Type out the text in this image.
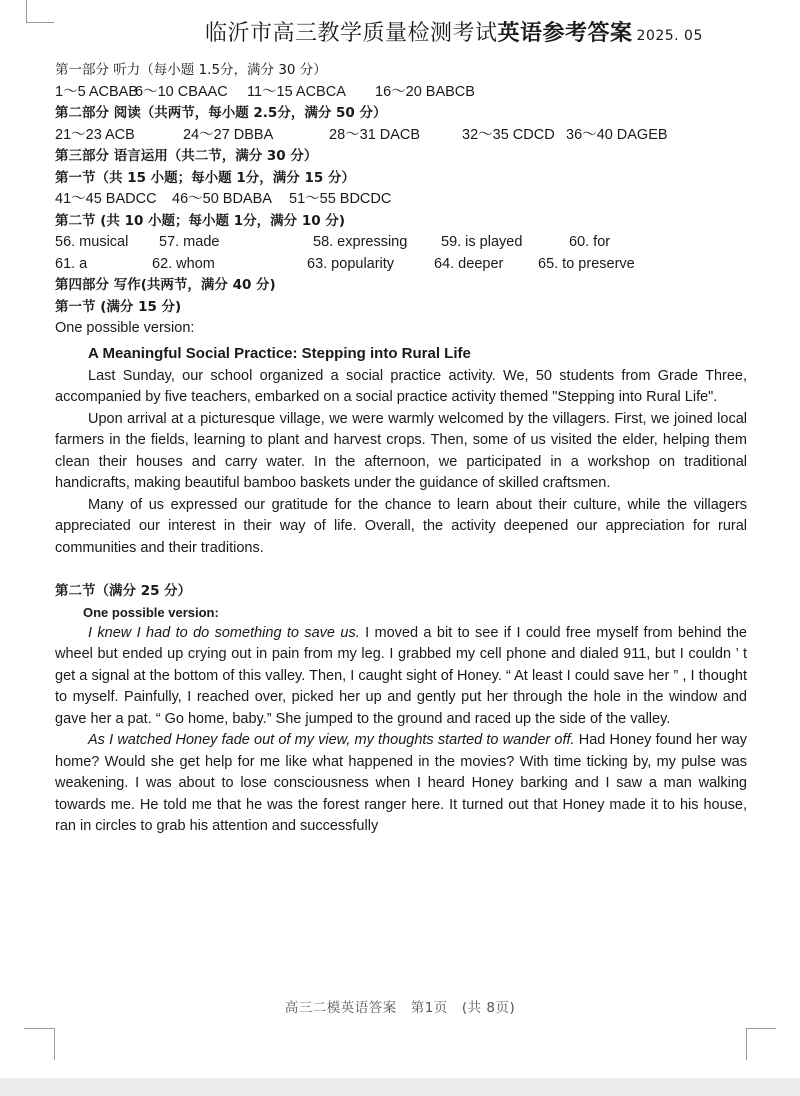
临沂市高三教学质量检测考试英语参考答案 2025. 05
第一部分 听力（每小题 1.5分，满分 30 分）
1～5 ACBAB
6～10 CBAAC	11～15 ACBCA	16～20 BABCB
第二部分 阅读（共两节，每小题 2.5分，满分 50 分）
21～23 ACB	24～27 DBBA	28～31 DACB	32～35 CDCD 36～40 DAGEB
第三部分 语言运用（共二节，满分 30 分）
第一节（共 15 小题；每小题 1分，满分 15 分）
41～45 BADCC	46～50 BDABA	51～55 BDCDC
第二节 (共 10 小题；每小题 1分，满分 10 分)
56. musical	57. made	58. expressing	59. is played	60. for
61. a	62. whom	63. popularity	64. deeper	65. to preserve
第四部分 写作(共两节，满分 40 分)
第一节 (满分 15 分)
One possible version:
A Meaningful Social Practice: Stepping into Rural Life

Last Sunday, our school organized a social practice activity. We, 50 students from Grade Three, accompanied by five teachers, embarked on a social practice activity themed "Stepping into Rural Life".

Upon arrival at a picturesque village, we were warmly welcomed by the villagers. First, we joined local farmers in the fields, learning to plant and harvest crops. Then, some of us visited the elder, helping them clean their houses and carry water. In the afternoon, we participated in a workshop on traditional handicrafts, making beautiful bamboo baskets under the guidance of skilled craftsmen.

Many of us expressed our gratitude for the chance to learn about their culture, while the villagers appreciated our interest in their way of life. Overall, the activity deepened our appreciation for rural communities and their traditions.

第二节（满分 25 分）
One possible version:

I knew I had to do something to save us. I moved a bit to see if I could free myself from behind the wheel but ended up crying out in pain from my leg. I grabbed my cell phone and dialed 911, but I couldn ’ t get a signal at the bottom of this valley. Then, I caught sight of Honey. “ At least I could save her ” , I thought to myself. Painfully, I reached over, picked her up and gently put her through the hole in the window and gave her a pat. “ Go home, baby.” She jumped to the ground and raced up the side of the valley.

As I watched Honey fade out of my view, my thoughts started to wander off. Had Honey found her way home? Would she get help for me like what happened in the movies? With time ticking by, my pulse was weakening. I was about to lose consciousness when I heard Honey barking and I saw a man walking towards me. He told me that he was the forest ranger here. It turned out that Honey made it to his house, ran in circles to grab his attention and successfully

高三二模英语答案　第1页　(共 8页)
